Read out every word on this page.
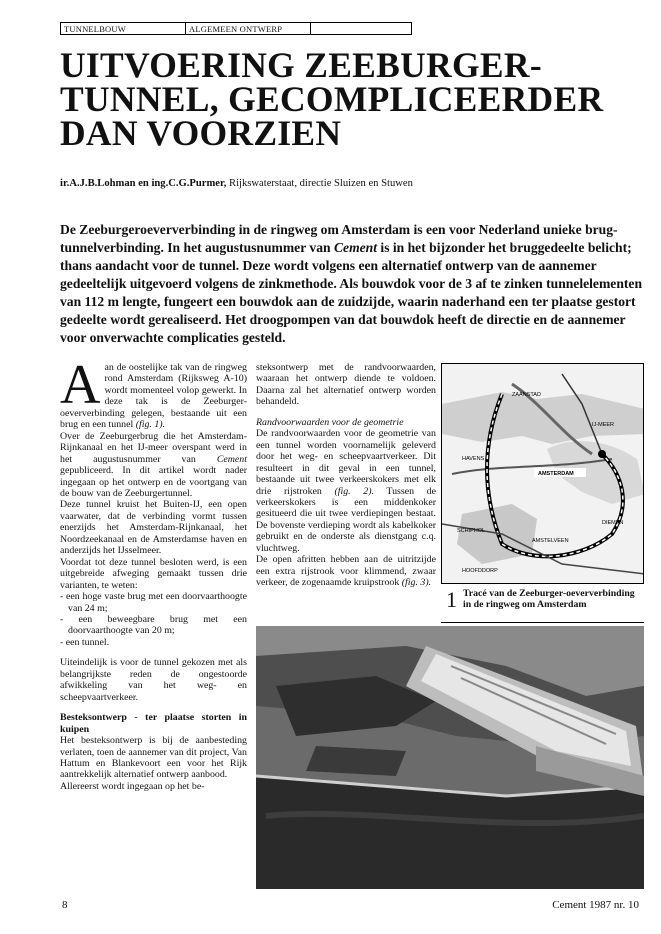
TUNNELBOUW	ALGEMEEN ONTWERP
UITVOERING ZEEBURGER-
TUNNEL, GECOMPLICEERDER
DAN VOORZIEN
ir.A.J.B.Lohman en ing.C.G.Purmer, Rijkswaterstaat, directie Sluizen en Stuwen
De Zeeburgeroeververbinding in de ringweg om Amsterdam is een voor Nederland unieke brug-tunnelverbinding. In het augustusnummer van Cement is in het bijzonder het bruggedeelte belicht; thans aandacht voor de tunnel. Deze wordt volgens een alternatief ontwerp van de aannemer gedeeltelijk uitgevoerd volgens de zinkmethode. Als bouwdok voor de 3 af te zinken tunnelelementen van 112 m lengte, fungeert een bouwdok aan de zuidzijde, waarin naderhand een ter plaatse gestort gedeelte wordt gerealiseerd. Het droogpompen van dat bouwdok heeft de directie en de aannemer voor onverwachte complicaties gesteld.

Aan de oostelijke tak van de ringweg rond Amsterdam (Rijksweg A-10) wordt momenteel volop gewerkt. In deze tak is de Zeeburger-oeververbinding gelegen, bestaande uit een brug en een tunnel (fig. 1).

Over de Zeeburgerbrug die het Amsterdam-Rijnkanaal en het IJ-meer overspant werd in het augustusnummer van Cement gepubliceerd. In dit artikel wordt nader ingegaan op het ontwerp en de voortgang van de bouw van de Zeeburgertunnel.

Deze tunnel kruist het Buiten-IJ, een open vaarwater, dat de verbinding vormt tussen enerzijds het Amsterdam-Rijnkanaal, het Noordzeekanaal en de Amsterdamse haven en anderzijds het IJsselmeer.

Voordat tot deze tunnel besloten werd, is een uitgebreide afweging gemaakt tussen drie varianten, te weten:

- een hoge vaste brug met een doorvaarthoogte van 24 m;
- een beweegbare brug met een doorvaarthoogte van 20 m;
- een tunnel.

Uiteindelijk is voor de tunnel gekozen met als belangrijkste reden de ongestoorde afwikkeling van het weg- en scheepvaartverkeer.

Besteksontwerp - ter plaatse storten in kuipen

Het besteksontwerp is bij de aanbesteding verlaten, toen de aannemer van dit project, Van Hattum en Blankevoort een voor het Rijk aantrekkelijk alternatief ontwerp aanbood.

Allereerst wordt ingegaan op het be-

steksontwerp met de randvoorwaarden, waaraan het ontwerp diende te voldoen. Daarna zal het alternatief ontwerp worden behandeld.

Randvoorwaarden voor de geometrie

De randvoorwaarden voor de geometrie van een tunnel worden voornamelijk geleverd door het weg- en scheepvaartverkeer. Dit resulteert in dit geval in een tunnel, bestaande uit twee verkeerskokers met elk drie rijstroken (fig. 2). Tussen de verkeerskokers is een middenkoker gesitueerd die uit twee verdiepingen bestaat. De bovenste verdieping wordt als kabelkoker gebruikt en de onderste als dienstgang c.q. vluchtweg.

De open afritten hebben aan de uitritzijde een extra rijstrook voor klimmend, zwaar verkeer, de zogenaamde kruipstrook (fig. 3).

ZAANSTAD
IJ-MEER
AMSTERDAM
HAVENS
AMSTELVEEN
DIEMEN
SCHIPHOL
HOOFDDORP
1 Tracé van de Zeeburger-oeververbinding in de ringweg om Amsterdam
8	Cement 1987 nr. 10
